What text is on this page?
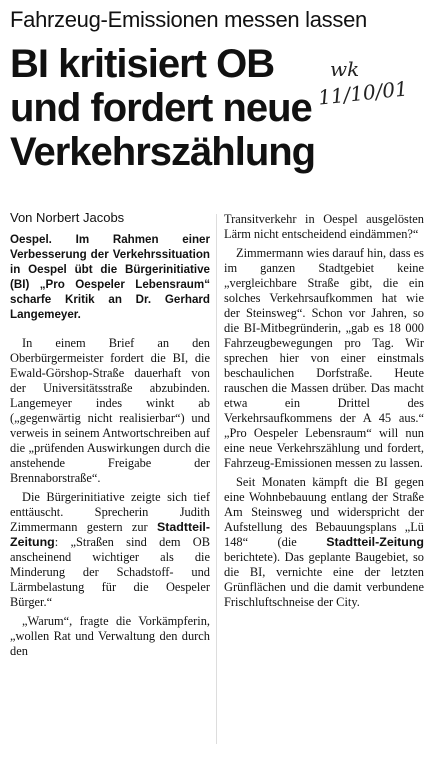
Fahrzeug-Emissionen messen lassen
BI kritisiert OB
und fordert neue
Verkehrszählung
wk
11/10/01
Von Norbert Jacobs

Oespel. Im Rahmen einer Verbesserung der Verkehrssituation in Oespel übt die Bürgerinitiative (BI) „Pro Oespeler Lebensraum“ scharfe Kritik an Dr. Gerhard Langemeyer.

In einem Brief an den Oberbürgermeister fordert die BI, die Ewald-Görshop-Straße dauerhaft von der Universitätsstraße abzubinden. Langemeyer indes winkt ab („gegenwärtig nicht realisierbar“) und verweis in seinem Antwortschreiben auf die „prüfenden Auswirkungen durch die anstehende Freigabe der Brennaborstraße“.

Die Bürgerinitiative zeigte sich tief enttäuscht. Sprecherin Judith Zimmermann gestern zur Stadtteil-Zeitung: „Straßen sind dem OB anscheinend wichtiger als die Minderung der Schadstoff- und Lärmbelastung für die Oespeler Bürger.“

„Warum“, fragte die Vorkämpferin, „wollen Rat und Verwaltung den durch den

Transitverkehr in Oespel ausgelösten Lärm nicht entscheidend eindämmen?“

Zimmermann wies darauf hin, dass es im ganzen Stadtgebiet keine „vergleichbare Straße gibt, die ein solches Verkehrsaufkommen hat wie der Steinsweg“. Schon vor Jahren, so die BI-Mitbegründerin, „gab es 18 000 Fahrzeugbewegungen pro Tag. Wir sprechen hier von einer einstmals beschaulichen Dorfstraße. Heute rauschen die Massen drüber. Das macht etwa ein Drittel des Verkehrsaufkommens der A 45 aus.“ „Pro Oespeler Lebensraum“ will nun eine neue Verkehrszählung und fordert, Fahrzeug-Emissionen messen zu lassen.

Seit Monaten kämpft die BI gegen eine Wohnbebauung entlang der Straße Am Steinsweg und widerspricht der Aufstellung des Bebauungsplans „Lü 148“ (die Stadtteil-Zeitung berichtete). Das geplante Baugebiet, so die BI, vernichte eine der letzten Grünflächen und die damit verbundene Frischluftschneise der City.
